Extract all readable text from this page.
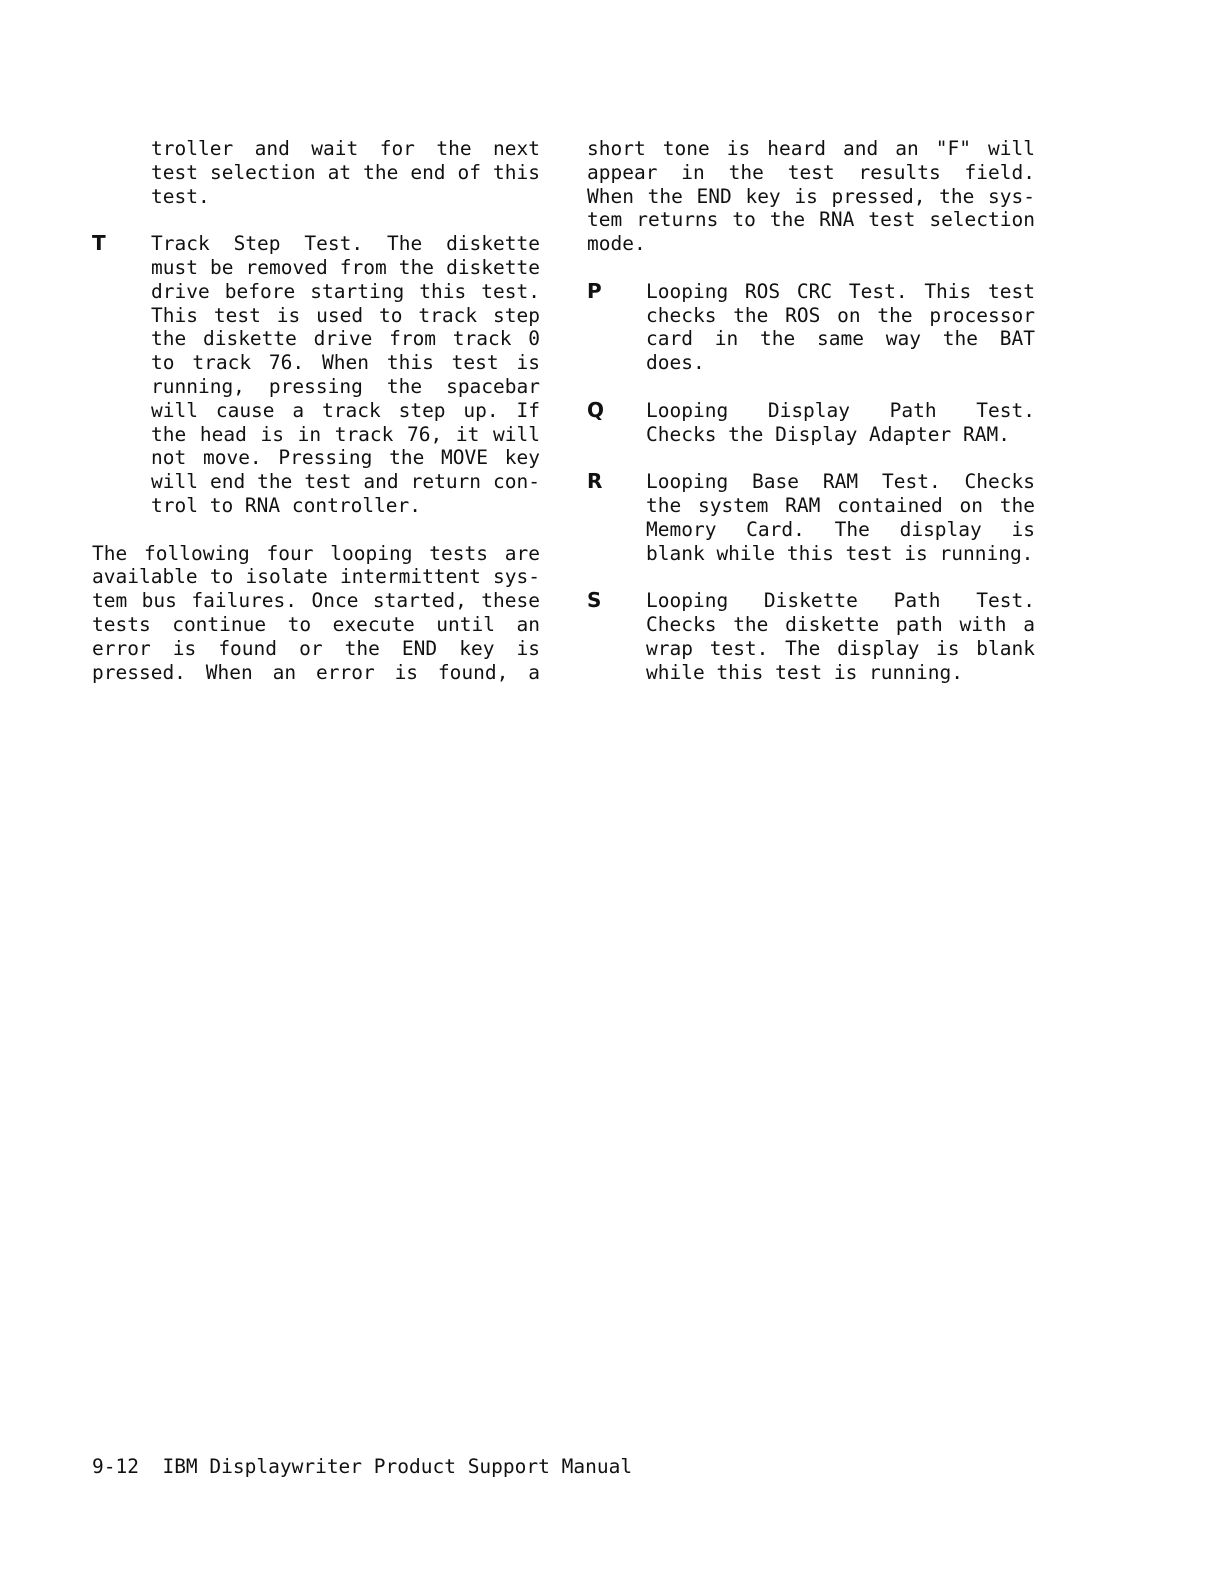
troller and wait for the next

test selection at the end of this

test.

T Track Step Test. The diskette

must be removed from the diskette

drive before starting this test.

This test is used to track step

the diskette drive from track 0

to track 76. When this test is

running, pressing the spacebar

will cause a track step up. If

the head is in track 76, it will

not move. Pressing the MOVE key

will end the test and return con-

trol to RNA controller.

The following four looping tests are

available to isolate intermittent sys-

tem bus failures. Once started, these

tests continue to execute until an

error is found or the END key is

pressed. When an error is found, a

short tone is heard and an "F" will

appear in the test results field.

When the END key is pressed, the sys-

tem returns to the RNA test selection

mode.

P Looping ROS CRC Test. This test

checks the ROS on the processor

card in the same way the BAT

does.

Q Looping Display Path Test.

Checks the Display Adapter RAM.

R Looping Base RAM Test. Checks

the system RAM contained on the

Memory Card. The display is

blank while this test is running.

S Looping Diskette Path Test.

Checks the diskette path with a

wrap test. The display is blank

while this test is running.

9-12 IBM Displaywriter Product Support Manual
